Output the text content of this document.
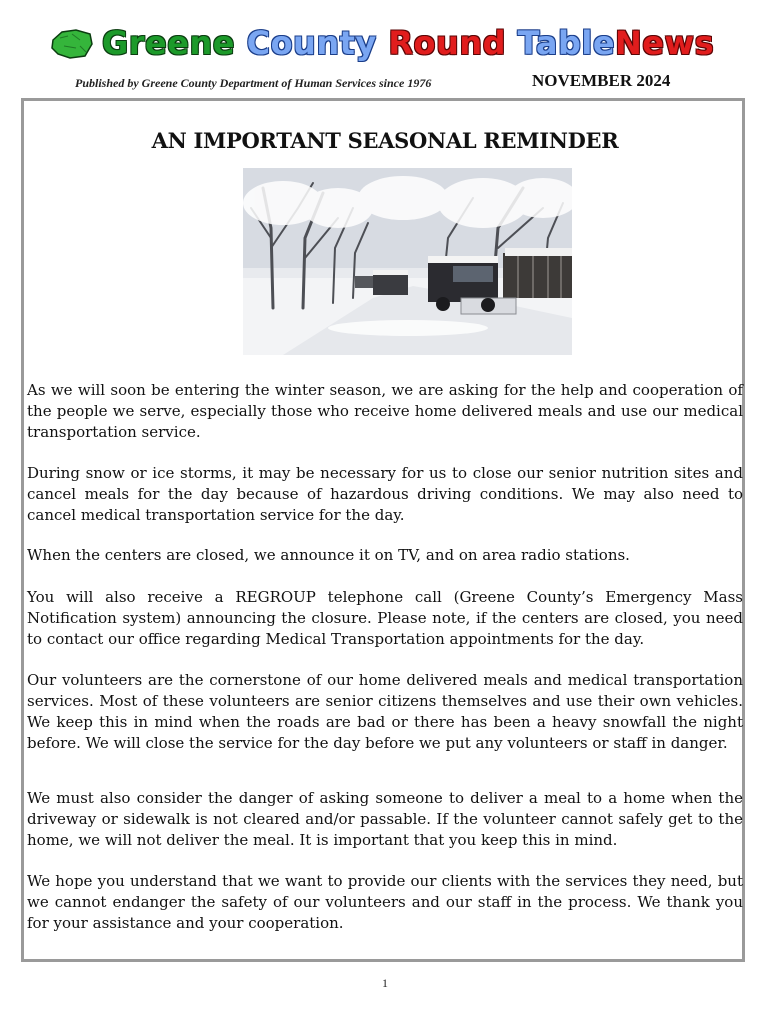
Greene County Round TableNews
Published by Greene County Department of Human Services since 1976	NOVEMBER 2024
AN IMPORTANT SEASONAL REMINDER
As we will soon be entering the winter season, we are asking for the help and cooperation of the people we serve, especially those who receive home delivered meals and use our medical transportation service.
During snow or ice storms, it may be necessary for us to close our senior nutrition sites and cancel meals for the day because of hazardous driving conditions. We may also need to cancel medical transportation service for the day.
When the centers are closed, we announce it on TV, and on area radio stations.
You will also receive a REGROUP telephone call (Greene County’s Emergency Mass Notification system) announcing the closure. Please note, if the centers are closed, you need to contact our office regarding Medical Transportation appointments for the day.
Our volunteers are the cornerstone of our home delivered meals and medical transportation services. Most of these volunteers are senior citizens themselves and use their own vehicles. We keep this in mind when the roads are bad or there has been a heavy snowfall the night before. We will close the service for the day before we put any volunteers or staff in danger.
We must also consider the danger of asking someone to deliver a meal to a home when the driveway or sidewalk is not cleared and/or passable. If the volunteer cannot safely get to the home, we will not deliver the meal. It is important that you keep this in mind.
We hope you understand that we want to provide our clients with the services they need, but we cannot endanger the safety of our volunteers and our staff in the process. We thank you for your assistance and your cooperation.
1
